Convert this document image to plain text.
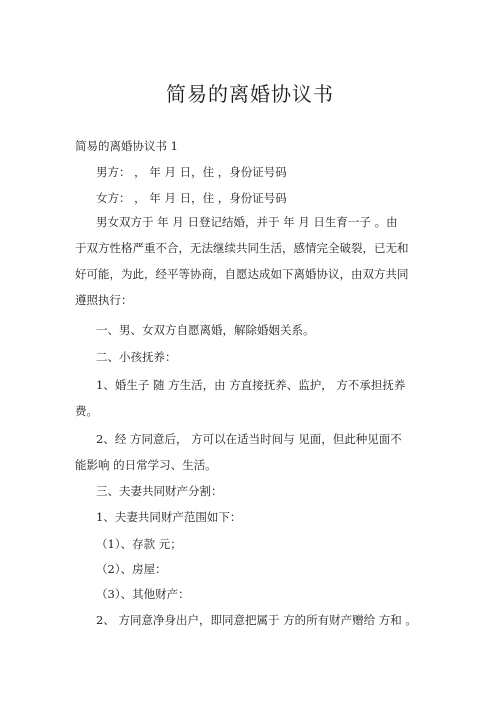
简易的离婚协议书
简易的离婚协议书 1
男方： ， 年 月 日，住 ，身份证号码
女方： ， 年 月 日，住 ，身份证号码
男女双方于 年 月 日登记结婚，并于 年 月 日生育一子 。由
于双方性格严重不合，无法继续共同生活，感情完全破裂，已无和
好可能，为此，经平等协商，自愿达成如下离婚协议，由双方共同
遵照执行：
一、男、女双方自愿离婚，解除婚姻关系。
二、小孩抚养：
1、婚生子 随 方生活，由 方直接抚养、监护， 方不承担抚养
费。
2、经 方同意后， 方可以在适当时间与 见面，但此种见面不
能影响 的日常学习、生活。
三、夫妻共同财产分割：
1、夫妻共同财产范围如下：
（1）、存款 元；
（2）、房屋：
（3）、其他财产：
2、 方同意净身出户，即同意把属于 方的所有财产赠给 方和 。
